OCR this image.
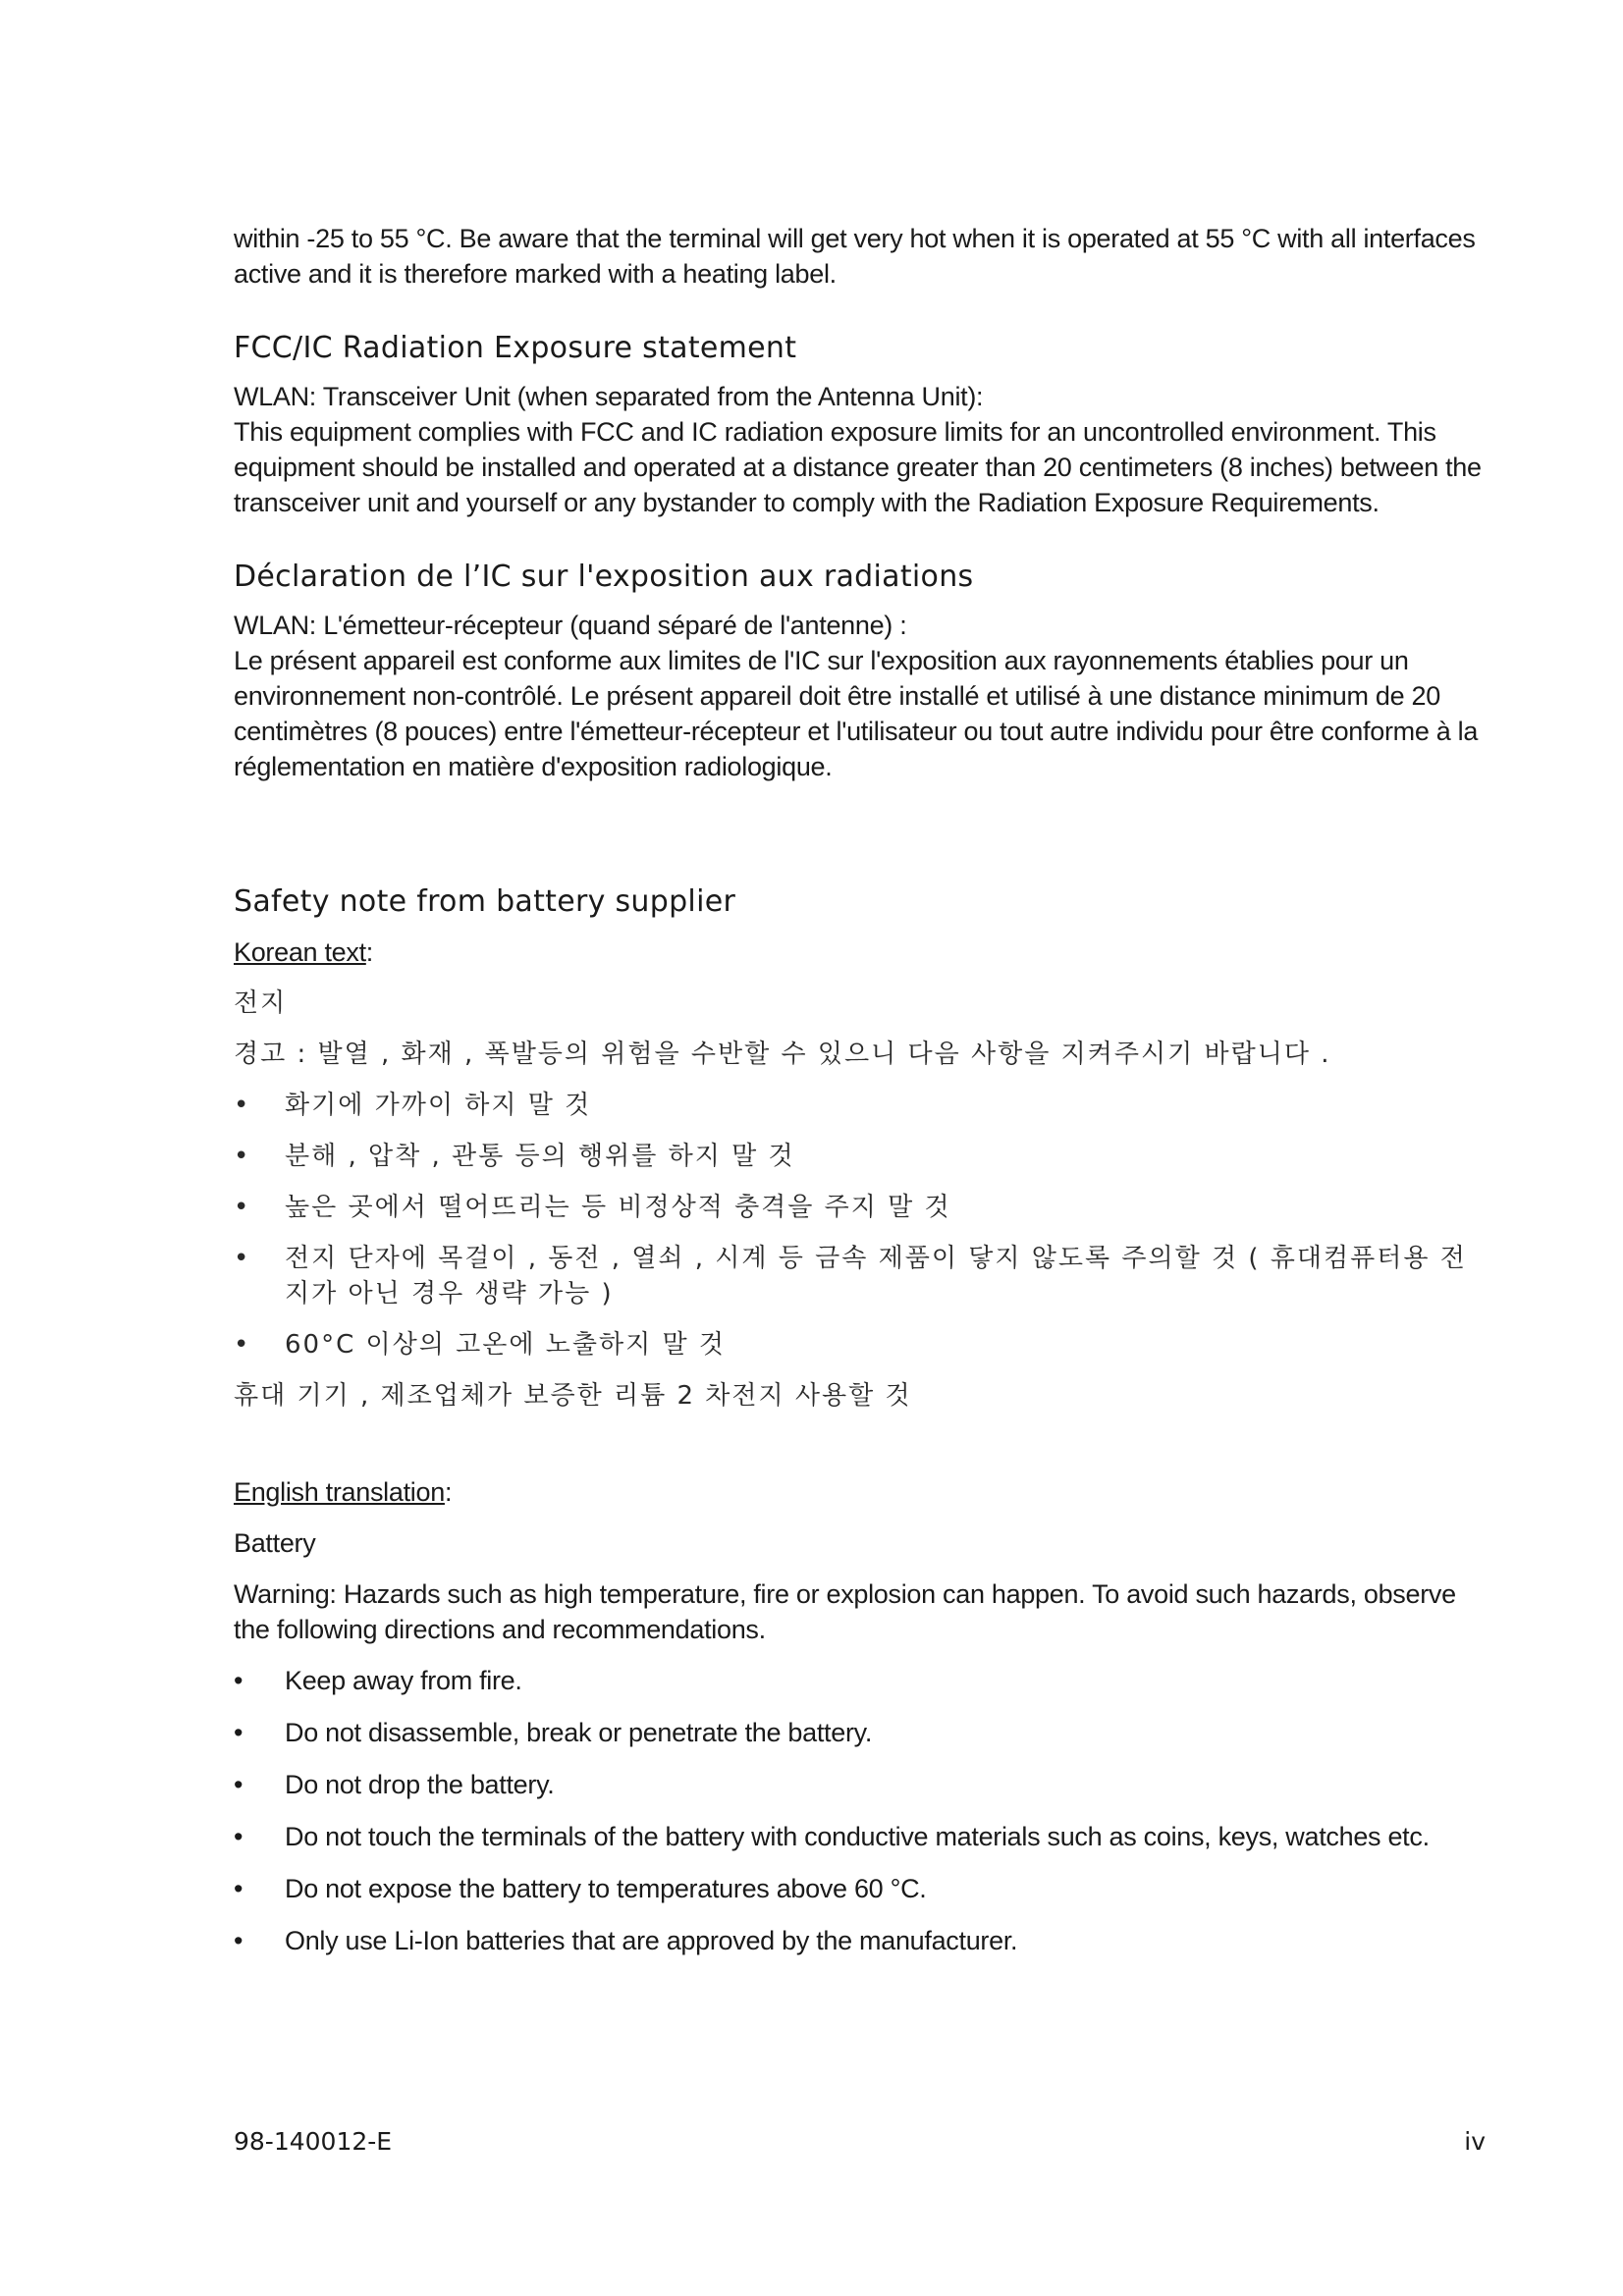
within -25 to 55 °C. Be aware that the terminal will get very hot when it is operated at 55 °C with all interfaces active and it is therefore marked with a heating label.

FCC/IC Radiation Exposure statement

WLAN: Transceiver Unit (when separated from the Antenna Unit):

This equipment complies with FCC and IC radiation exposure limits for an uncontrolled environment. This equipment should be installed and operated at a distance greater than 20 centimeters (8 inches) between the transceiver unit and yourself or any bystander to comply with the Radiation Exposure Requirements.

Déclaration de l’IC sur l'exposition aux radiations

WLAN: L'émetteur-récepteur (quand séparé de l'antenne) :

Le présent appareil est conforme aux limites de l'IC sur l'exposition aux rayonnements établies pour un environnement non-contrôlé. Le présent appareil doit être installé et utilisé à une distance minimum de 20 centimètres (8 pouces) entre l'émetteur-récepteur et l'utilisateur ou tout autre individu pour être conforme à la réglementation en matière d'exposition radiologique.

Safety note from battery supplier

Korean text:

전지

경고 : 발열 , 화재 , 폭발등의 위험을 수반할 수 있으니 다음 사항을 지켜주시기 바랍니다 .

• 화기에 가까이 하지 말 것
• 분해 , 압착 , 관통 등의 행위를 하지 말 것
• 높은 곳에서 떨어뜨리는 등 비정상적 충격을 주지 말 것
• 전지 단자에 목걸이 , 동전 , 열쇠 , 시계 등 금속 제품이 닿지 않도록 주의할 것 ( 휴대컴퓨터용 전지가 아닌 경우 생략 가능 )
• 60°C 이상의 고온에 노출하지 말 것

휴대 기기 , 제조업체가 보증한 리튬 2 차전지 사용할 것

English translation:

Battery

Warning: Hazards such as high temperature, fire or explosion can happen. To avoid such hazards, observe the following directions and recommendations.

•	Keep away from fire.
•	Do not disassemble, break or penetrate the battery.
•	Do not drop the battery.
•	Do not touch the terminals of the battery with conductive materials such as coins, keys, watches etc.
•	Do not expose the battery to temperatures above 60 °C.
•	Only use Li-Ion batteries that are approved by the manufacturer.
98-140012-E	iv
